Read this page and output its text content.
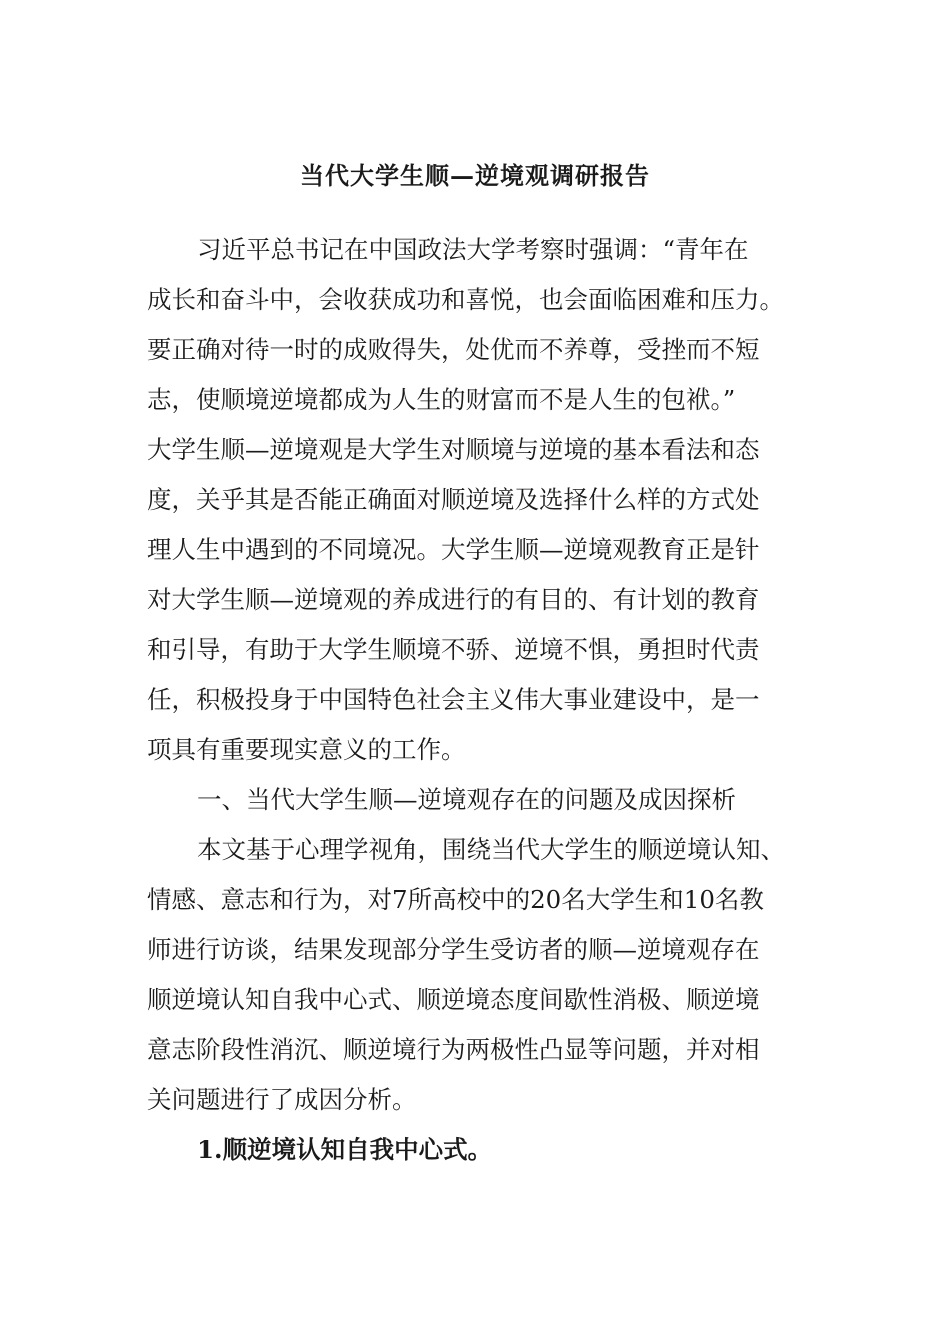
当代大学生顺—逆境观调研报告

习近平总书记在中国政法大学考察时强调：“青年在

成长和奋斗中，会收获成功和喜悦，也会面临困难和压力。

要正确对待一时的成败得失，处优而不养尊，受挫而不短

志，使顺境逆境都成为人生的财富而不是人生的包袱。”

大学生顺—逆境观是大学生对顺境与逆境的基本看法和态

度，关乎其是否能正确面对顺逆境及选择什么样的方式处

理人生中遇到的不同境况。大学生顺—逆境观教育正是针

对大学生顺—逆境观的养成进行的有目的、有计划的教育

和引导，有助于大学生顺境不骄、逆境不惧，勇担时代责

任，积极投身于中国特色社会主义伟大事业建设中，是一

项具有重要现实意义的工作。

一、当代大学生顺—逆境观存在的问题及成因探析

本文基于心理学视角，围绕当代大学生的顺逆境认知、

情感、意志和行为，对7所高校中的20名大学生和10名教

师进行访谈，结果发现部分学生受访者的顺—逆境观存在

顺逆境认知自我中心式、顺逆境态度间歇性消极、顺逆境

意志阶段性消沉、顺逆境行为两极性凸显等问题，并对相

关问题进行了成因分析。

1.顺逆境认知自我中心式。
